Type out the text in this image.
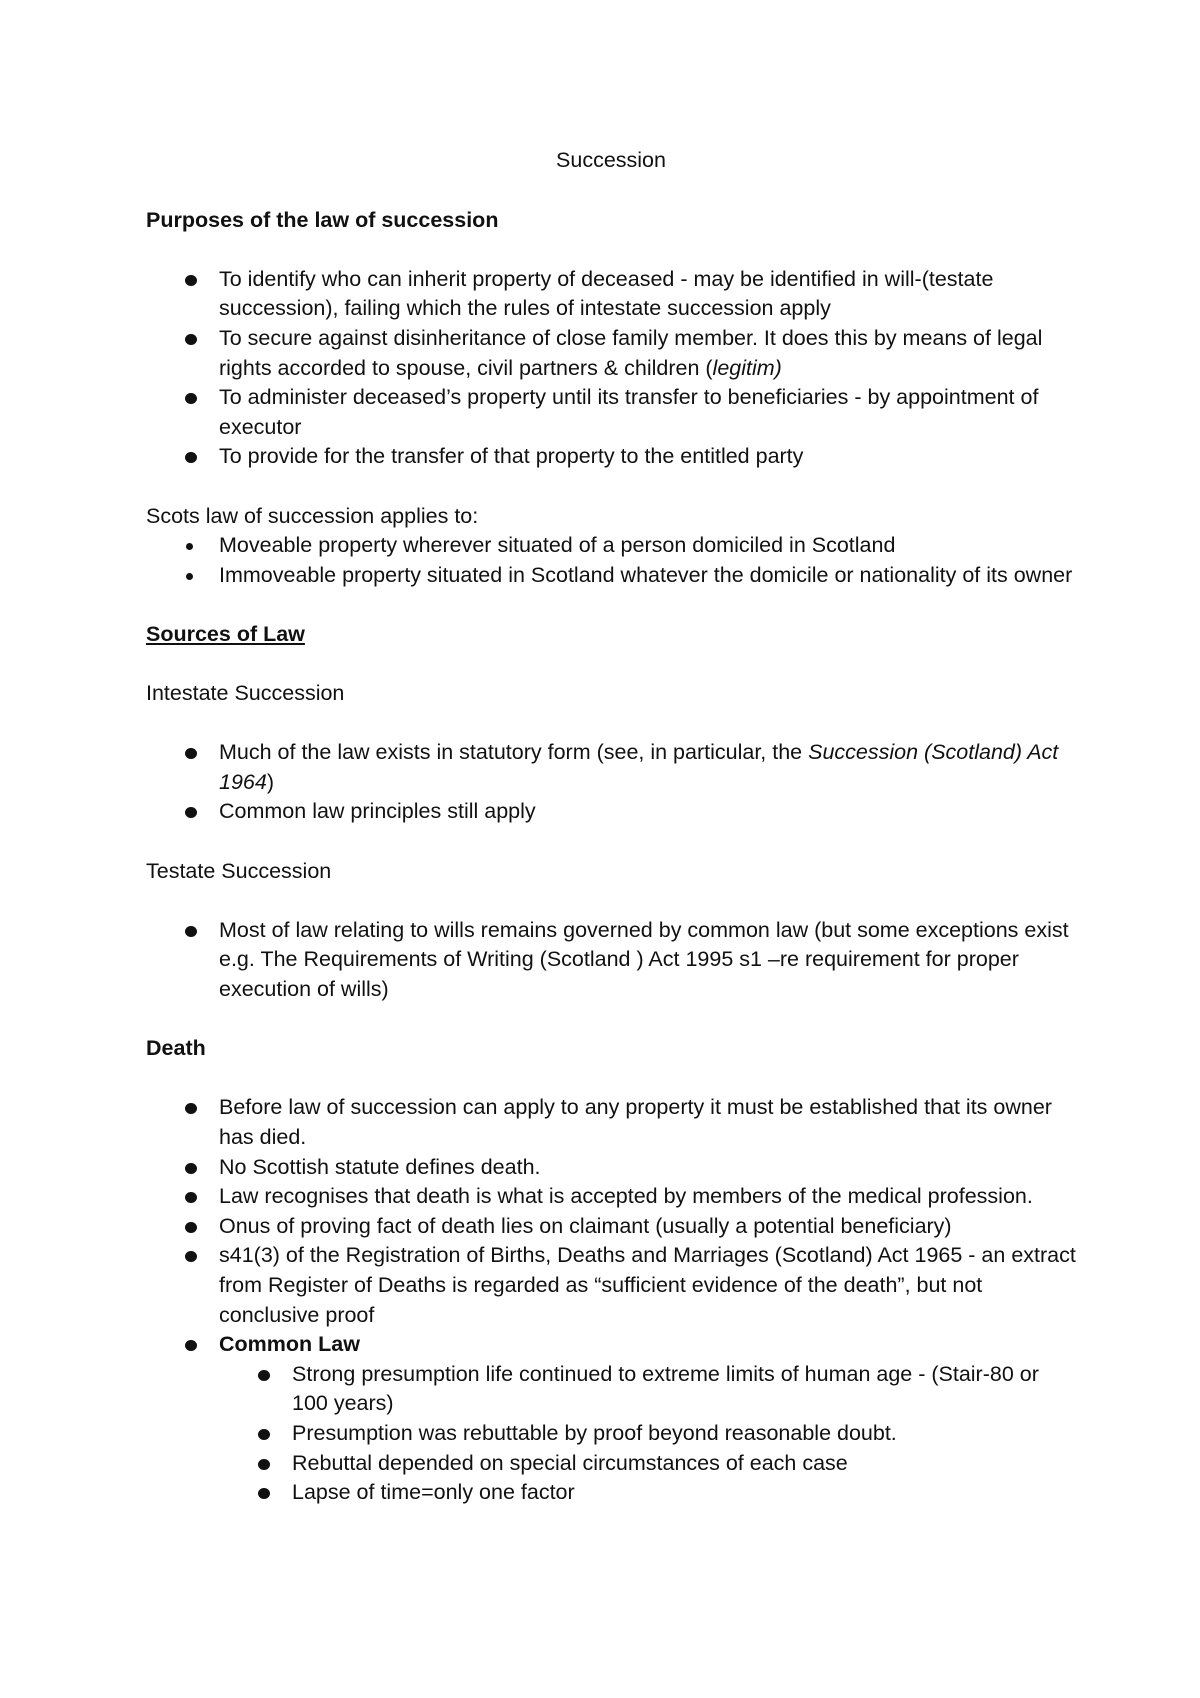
Succession
Purposes of the law of succession
To identify who can inherit property of deceased - may be identified in will-(testate succession), failing which the rules of intestate succession apply
To secure against disinheritance of close family member. It does this by means of legal rights accorded to spouse, civil partners & children (legitim)
To administer deceased’s property until its transfer to beneficiaries - by appointment of executor
To provide for the transfer of that property to the entitled party
Scots law of succession applies to:
Moveable property wherever situated of a person domiciled in Scotland
Immoveable property situated in Scotland whatever the domicile or nationality of its owner
Sources of Law
Intestate Succession
Much of the law exists in statutory form (see, in particular, the Succession (Scotland) Act 1964)
Common law principles still apply
Testate Succession
Most of law relating to wills remains governed by common law (but some exceptions exist e.g. The Requirements of Writing (Scotland ) Act 1995 s1 –re requirement for proper execution of wills)
Death
Before law of succession can apply to any property it must be established that its owner has died.
No Scottish statute defines death.
Law recognises that death is what is accepted by members of the medical profession.
Onus of proving fact of death lies on claimant (usually a potential beneficiary)
s41(3) of the Registration of Births, Deaths and Marriages (Scotland) Act 1965 - an extract from Register of Deaths is regarded as “sufficient evidence of the death”, but not conclusive proof
Common Law
Strong presumption life continued to extreme limits of human age - (Stair-80 or 100 years)
Presumption was rebuttable by proof beyond reasonable doubt.
Rebuttal depended on special circumstances of each case
Lapse of time=only one factor
